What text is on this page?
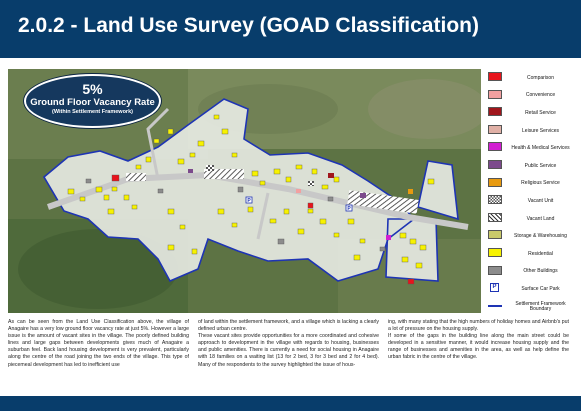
2.0.2 - Land Use Survey (GOAD Classification)
P
P
5%
Ground Floor Vacancy Rate
(Within Settlement Framework)
Comparison
Convenience
Retail Service
Leisure Services
Health & Medical Services
Public Service
Religious Service
Vacant Unit
Vacant Land
Storage & Warehousing
Residential
Other Buildings
P	Surface Car Park
Settlement Framework Boundary

As can be seen from the Land Use Classification above, the village of Anagaire has a very low ground floor vacancy rate at just 5%. However a large issue is the amount of vacant sites in the village. The poorly defined building lines and large gaps between developments gives much of Anagaire a suburban feel. Back land housing development is very prevalent, particularly along the centre of the road joining the two ends of the village. This type of piecemeal development has led to inefficient use

of land within the settlement framework, and a village which is lacking a clearly defined urban centre.

These vacant sites provide opportunities for a more coordinated and cohesive approach to development in the village with regards to housing, businesses and public amenities. There is currently a need for social housing in Anagaire with 18 families on a waiting list (13 for 2 bed, 3 for 3 bed and 2 for 4 bed). Many of the respondents to the survey highlighted the issue of hous-

ing, with many stating that the high numbers of holiday homes and Airbnb's put a lot of pressure on the housing supply.

If some of the gaps in the building line along the main street could be developed in a sensitive manner, it would increase housing supply and the range of businesses and amenities in the area, as well as help define the urban fabric in the centre of the village.
